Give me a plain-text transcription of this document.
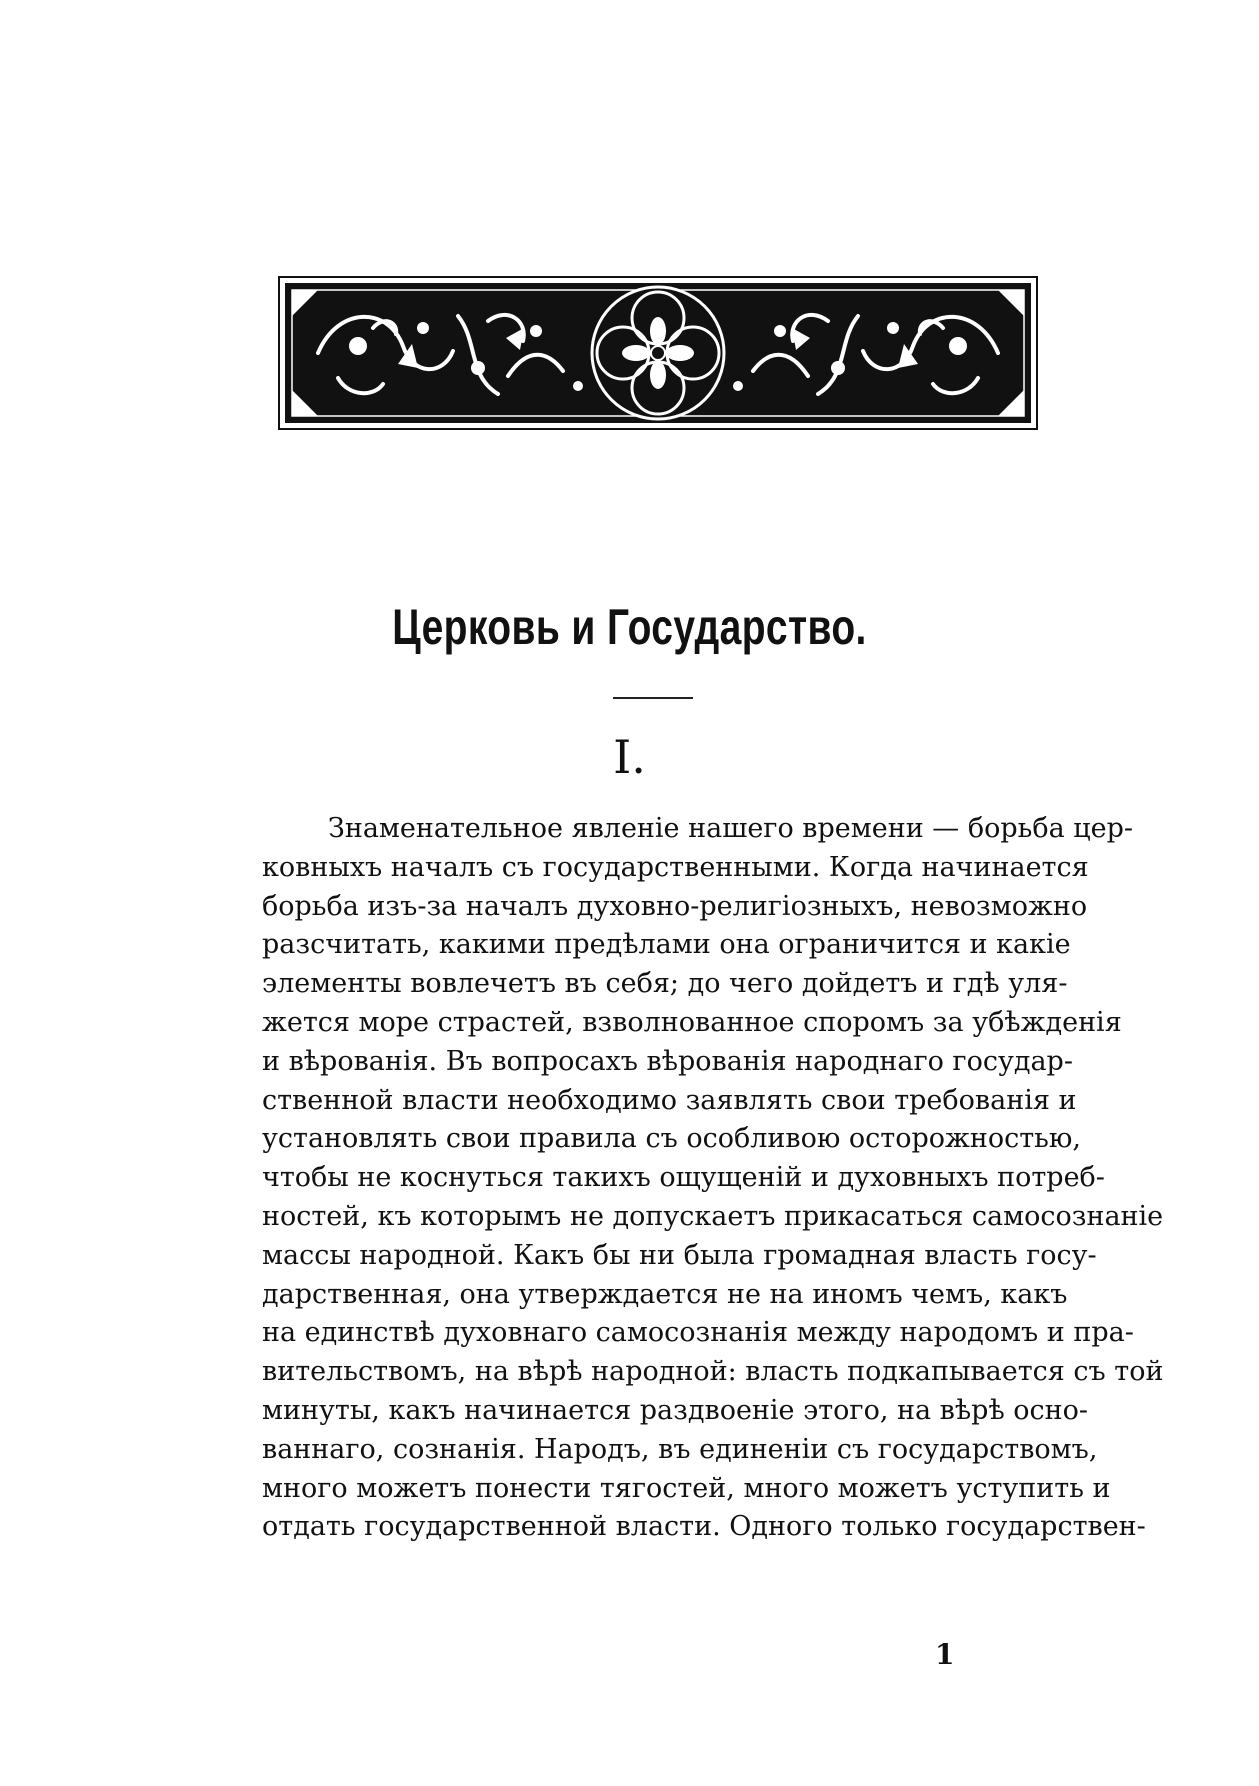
Церковь и Государство.
I.
Знаменательное явленіе нашего времени — борьба цер-
ковныхъ началъ съ государственными. Когда начинается
борьба изъ-за началъ духовно-религіозныхъ, невозможно
разсчитать, какими предѣлами она ограничится и какіе
элементы вовлечетъ въ себя; до чего дойдетъ и гдѣ уля-
жется море страстей, взволнованное споромъ за убѣжденія
и вѣрованія. Въ вопросахъ вѣрованія народнаго государ-
ственной власти необходимо заявлять свои требованія и
установлять свои правила съ особливою осторожностью,
чтобы не коснуться такихъ ощущеній и духовныхъ потреб-
ностей, къ которымъ не допускаетъ прикасаться самосознаніе
массы народной. Какъ бы ни была громадная власть госу-
дарственная, она утверждается не на иномъ чемъ, какъ
на единствѣ духовнаго самосознанія между народомъ и пра-
вительствомъ, на вѣрѣ народной: власть подкапывается съ той
минуты, какъ начинается раздвоеніе этого, на вѣрѣ осно-
ваннаго, сознанія. Народъ, въ единеніи съ государствомъ,
много можетъ понести тягостей, много можетъ уступить и
отдать государственной власти. Одного только государствен-
1
